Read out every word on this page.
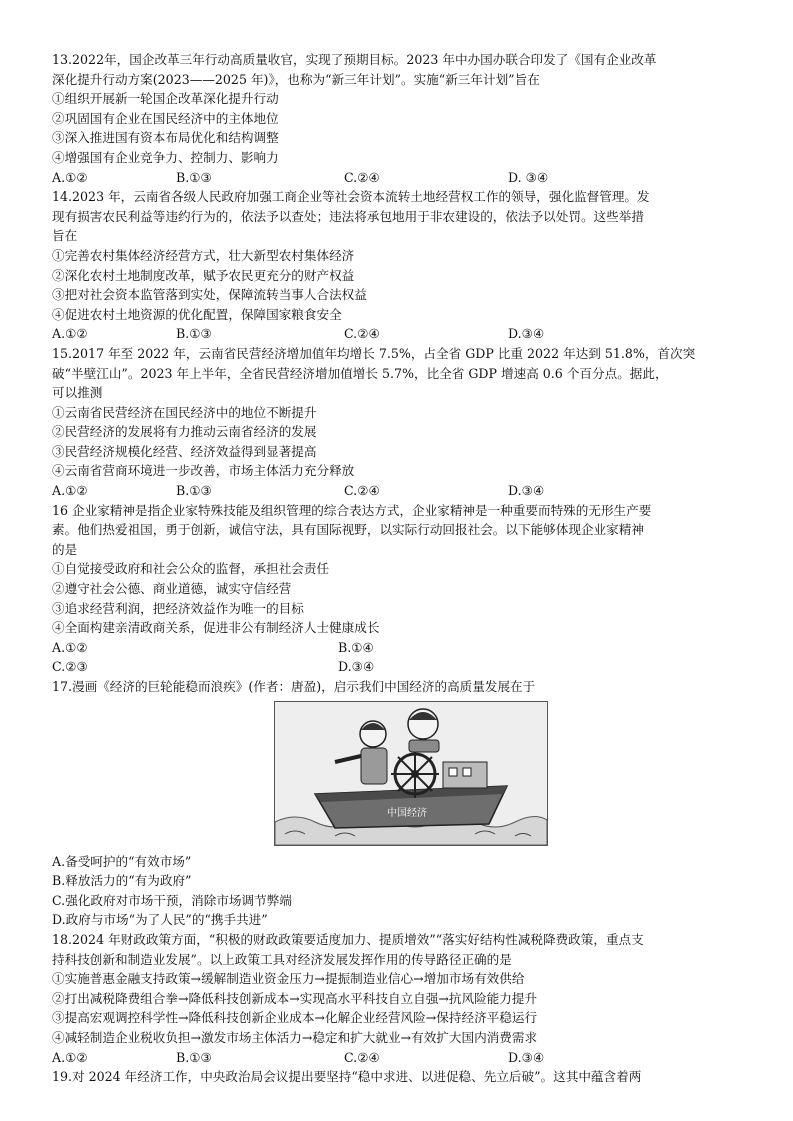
13.2022年，国企改革三年行动高质量收官，实现了预期目标。2023 年中办国办联合印发了《国有企业改革
深化提升行动方案(2023——2025 年)》，也称为“新三年计划”。实施“新三年计划”旨在
①组织开展新一轮国企改革深化提升行动
②巩固国有企业在国民经济中的主体地位
③深入推进国有资本布局优化和结构调整
④增强国有企业竞争力、控制力、影响力
A.①②	B.①③	C.②④	D. ③④
14.2023 年，云南省各级人民政府加强工商企业等社会资本流转土地经营权工作的领导，强化监督管理。发
现有损害农民利益等违约行为的，依法予以查处；违法将承包地用于非农建设的，依法予以处罚。这些举措
旨在
①完善农村集体经济经营方式，壮大新型农村集体经济
②深化农村土地制度改革，赋予农民更充分的财产权益
③把对社会资本监管落到实处，保障流转当事人合法权益
④促进农村土地资源的优化配置，保障国家粮食安全
A.①②	B.①③	C.②④	D.③④
15.2017 年至 2022 年，云南省民营经济增加值年均增长 7.5%，占全省 GDP 比重 2022 年达到 51.8%，首次突
破“半壁江山”。2023 年上半年，全省民营经济增加值增长 5.7%，比全省 GDP 增速高 0.6 个百分点。据此，
可以推测
①云南省民营经济在国民经济中的地位不断提升
②民营经济的发展将有力推动云南省经济的发展
③民营经济规模化经营、经济效益得到显著提高
④云南省营商环境进一步改善，市场主体活力充分释放
A.①②	B.①③	C.②④	D.③④
16 企业家精神是指企业家特殊技能及组织管理的综合表达方式，企业家精神是一种重要而特殊的无形生产要
素。他们热爱祖国，勇于创新，诚信守法，具有国际视野，以实际行动回报社会。以下能够体现企业家精神
的是
①自觉接受政府和社会公众的监督，承担社会责任
②遵守社会公德、商业道德，诚实守信经营
③追求经营利润，把经济效益作为唯一的目标
④全面构建亲清政商关系，促进非公有制经济人士健康成长
A.①②	B.①④
C.②③	D.③④
17.漫画《经济的巨轮能稳而浪疾》(作者：唐盈)，启示我们中国经济的高质量发展在于
中国经济
A.备受呵护的“有效市场”
B.释放活力的“有为政府”
C.强化政府对市场干预，消除市场调节弊端
D.政府与市场“为了人民”的“携手共进”
18.2024 年财政政策方面，“积极的财政政策要适度加力、提质增效”“落实好结构性减税降费政策，重点支
持科技创新和制造业发展”。以上政策工具对经济发展发挥作用的传导路径正确的是
①实施普惠金融支持政策→缓解制造业资金压力→提振制造业信心→增加市场有效供给
②打出减税降费组合拳→降低科技创新成本→实现高水平科技自立自强→抗风险能力提升
③提高宏观调控科学性→降低科技创新企业成本→化解企业经营风险→保持经济平稳运行
④减轻制造企业税收负担→激发市场主体活力→稳定和扩大就业→有效扩大国内消费需求
A.①②	B.①③	C.②④	D.③④
19.对 2024 年经济工作，中央政治局会议提出要坚持“稳中求进、以进促稳、先立后破”。这其中蕴含着两
